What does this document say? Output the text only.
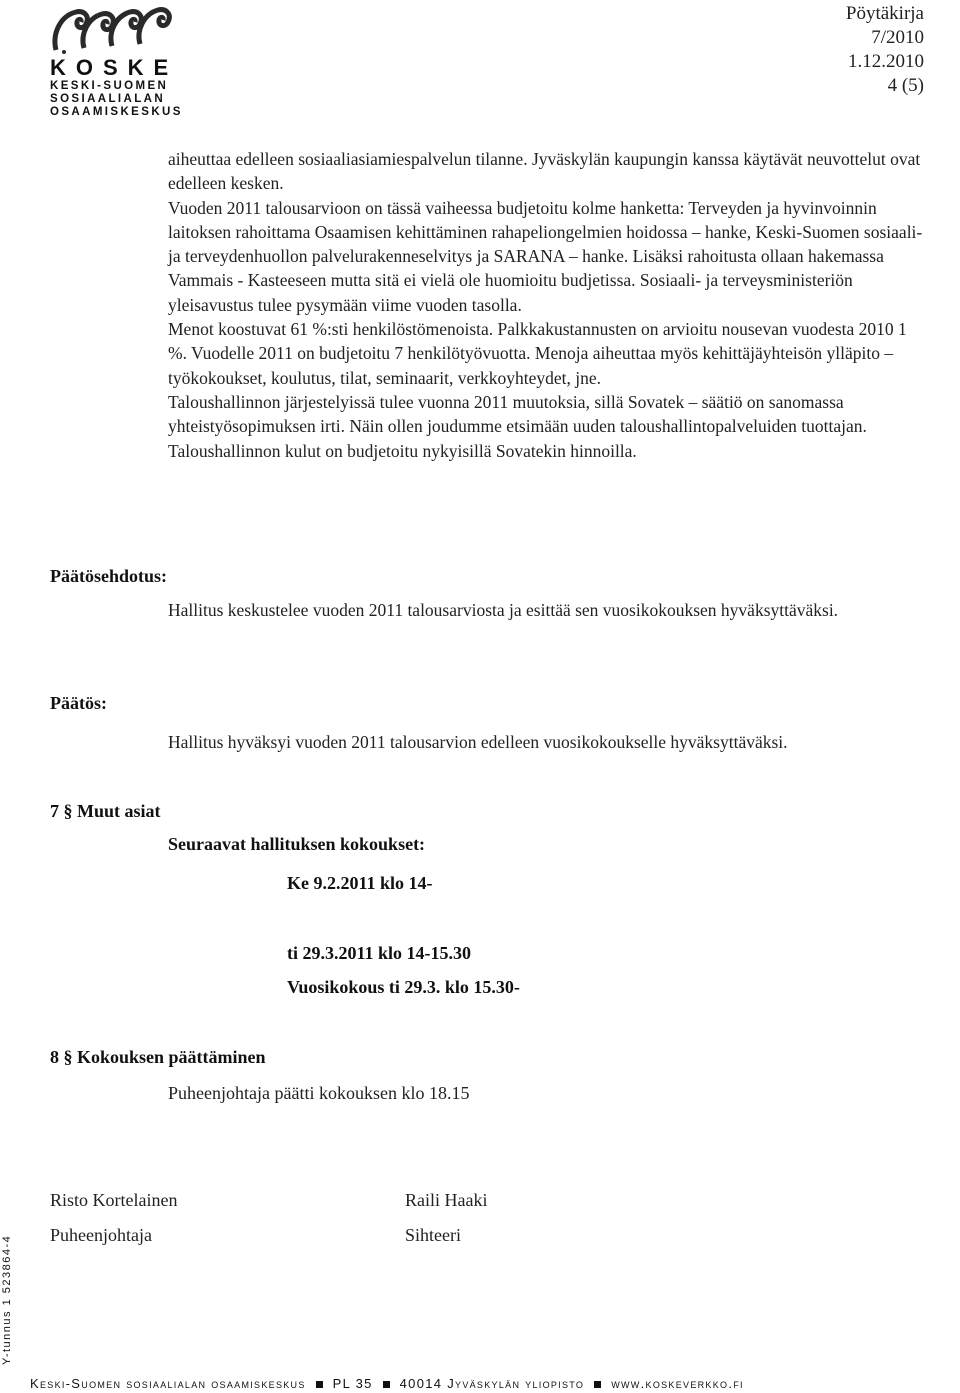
KOSKE
KESKI-SUOMEN
SOSIAALIALAN
OSAAMISKESKUS
Pöytäkirja
7/2010
1.12.2010
4 (5)

aiheuttaa edelleen sosiaaliasiamiespalvelun tilanne. Jyväskylän kaupungin kanssa käytävät neuvottelut ovat edelleen kesken.

Vuoden 2011 talousarvioon on tässä vaiheessa budjetoitu kolme hanketta: Terveyden ja hyvinvoinnin laitoksen rahoittama Osaamisen kehittäminen rahapeliongelmien hoidossa – hanke, Keski-Suomen sosiaali- ja terveydenhuollon palvelurakenneselvitys ja SARANA – hanke. Lisäksi rahoitusta ollaan hakemassa Vammais - Kasteeseen mutta sitä ei vielä ole huomioitu budjetissa. Sosiaali- ja terveysministeriön yleisavustus tulee pysymään viime vuoden tasolla.

Menot koostuvat 61 %:sti henkilöstömenoista. Palkkakustannusten on arvioitu nousevan vuodesta 2010 1 %. Vuodelle 2011 on budjetoitu 7 henkilötyövuotta. Menoja aiheuttaa myös kehittäjäyhteisön ylläpito – työkokoukset, koulutus, tilat, seminaarit, verkkoyhteydet, jne.

Taloushallinnon järjestelyissä tulee vuonna 2011 muutoksia, sillä Sovatek – säätiö on sanomassa yhteistyösopimuksen irti. Näin ollen joudumme etsimään uuden taloushallintopalveluiden tuottajan. Taloushallinnon kulut on budjetoitu nykyisillä Sovatekin hinnoilla.

Päätösehdotus:
Hallitus keskustelee vuoden 2011 talousarviosta ja esittää sen vuosikokouksen hyväksyttäväksi.
Päätös:
Hallitus hyväksyi vuoden 2011 talousarvion edelleen vuosikokoukselle hyväksyttäväksi.
7 § Muut asiat
Seuraavat hallituksen kokoukset:
Ke 9.2.2011 klo 14-
ti 29.3.2011 klo 14-15.30
Vuosikokous ti 29.3. klo 15.30-
8 § Kokouksen päättäminen
Puheenjohtaja päätti kokouksen klo 18.15
Risto Kortelainen
Puheenjohtaja
Raili Haaki
Sihteeri
Y-tunnus 1 523864-4
Keski-Suomen sosiaalialan osaamiskeskus PL 35 40014 Jyväskylän yliopisto www.koskeverkko.fi
